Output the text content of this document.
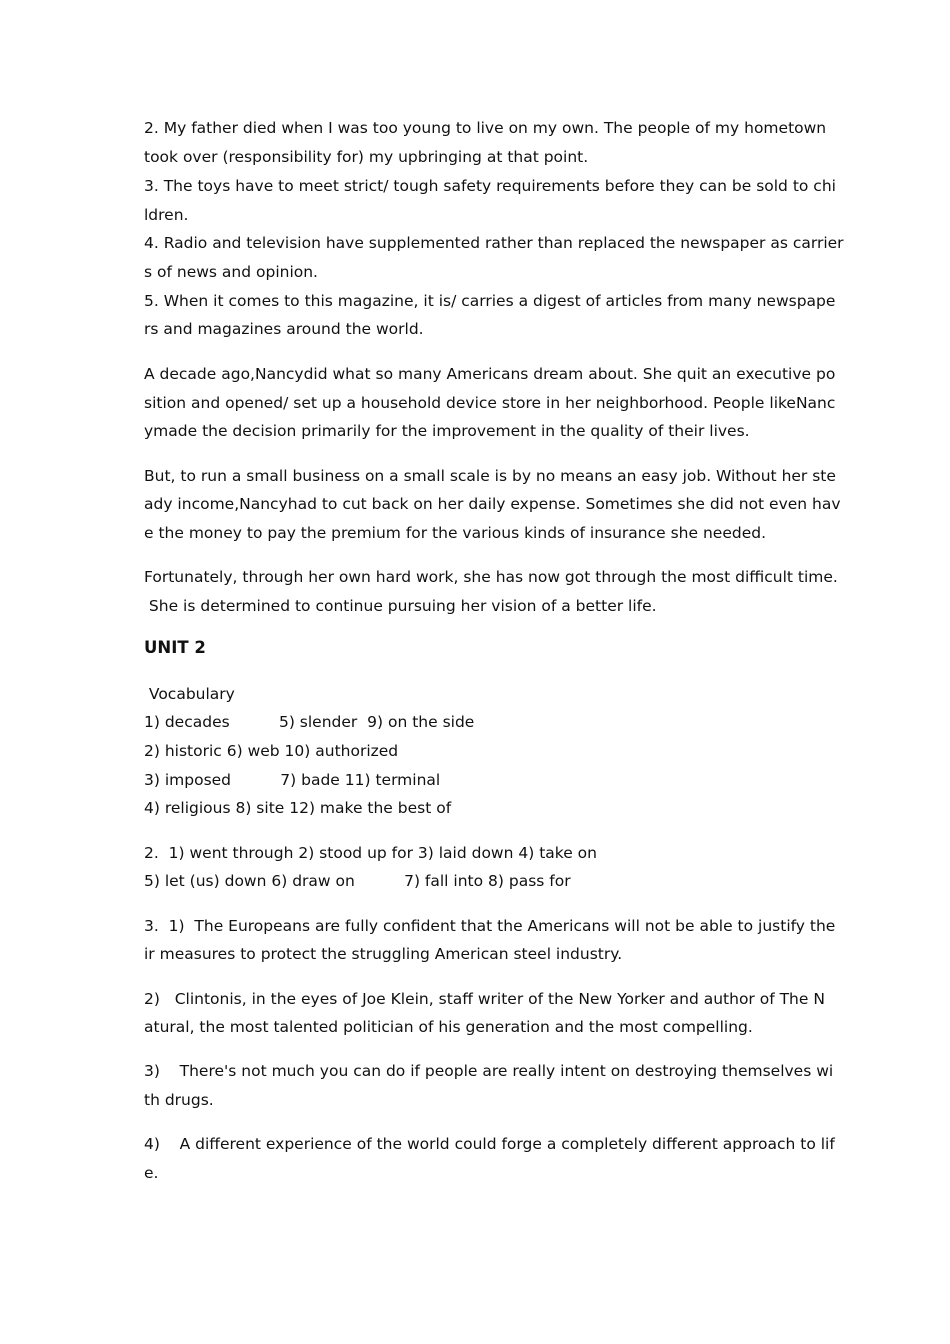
2. My father died when I was too young to live on my own. The people of my hometown
took over (responsibility for) my upbringing at that point.
3. The toys have to meet strict/ tough safety requirements before they can be sold to chi
ldren.
4. Radio and television have supplemented rather than replaced the newspaper as carrier
s of news and opinion.
5. When it comes to this magazine, it is/ carries a digest of articles from many newspape
rs and magazines around the world.
A decade ago,Nancydid what so many Americans dream about. She quit an executive po
sition and opened/ set up a household device store in her neighborhood. People likeNanc
ymade the decision primarily for the improvement in the quality of their lives.
But, to run a small business on a small scale is by no means an easy job. Without her ste
ady income,Nancyhad to cut back on her daily expense. Sometimes she did not even hav
e the money to pay the premium for the various kinds of insurance she needed.
Fortunately, through her own hard work, she has now got through the most difficult time.
She is determined to continue pursuing her vision of a better life.
UNIT 2
Vocabulary
1) decades          5) slender  9) on the side
2) historic 6) web 10) authorized
3) imposed          7) bade 11) terminal
4) religious 8) site 12) make the best of
2.  1) went through 2) stood up for 3) laid down 4) take on
5) let (us) down 6) draw on          7) fall into 8) pass for
3.  1)  The Europeans are fully confident that the Americans will not be able to justify the
ir measures to protect the struggling American steel industry.
2)   Clintonis, in the eyes of Joe Klein, staff writer of the New Yorker and author of The N
atural, the most talented politician of his generation and the most compelling.
3)    There's not much you can do if people are really intent on destroying themselves wi
th drugs.
4)    A different experience of the world could forge a completely different approach to lif
e.
